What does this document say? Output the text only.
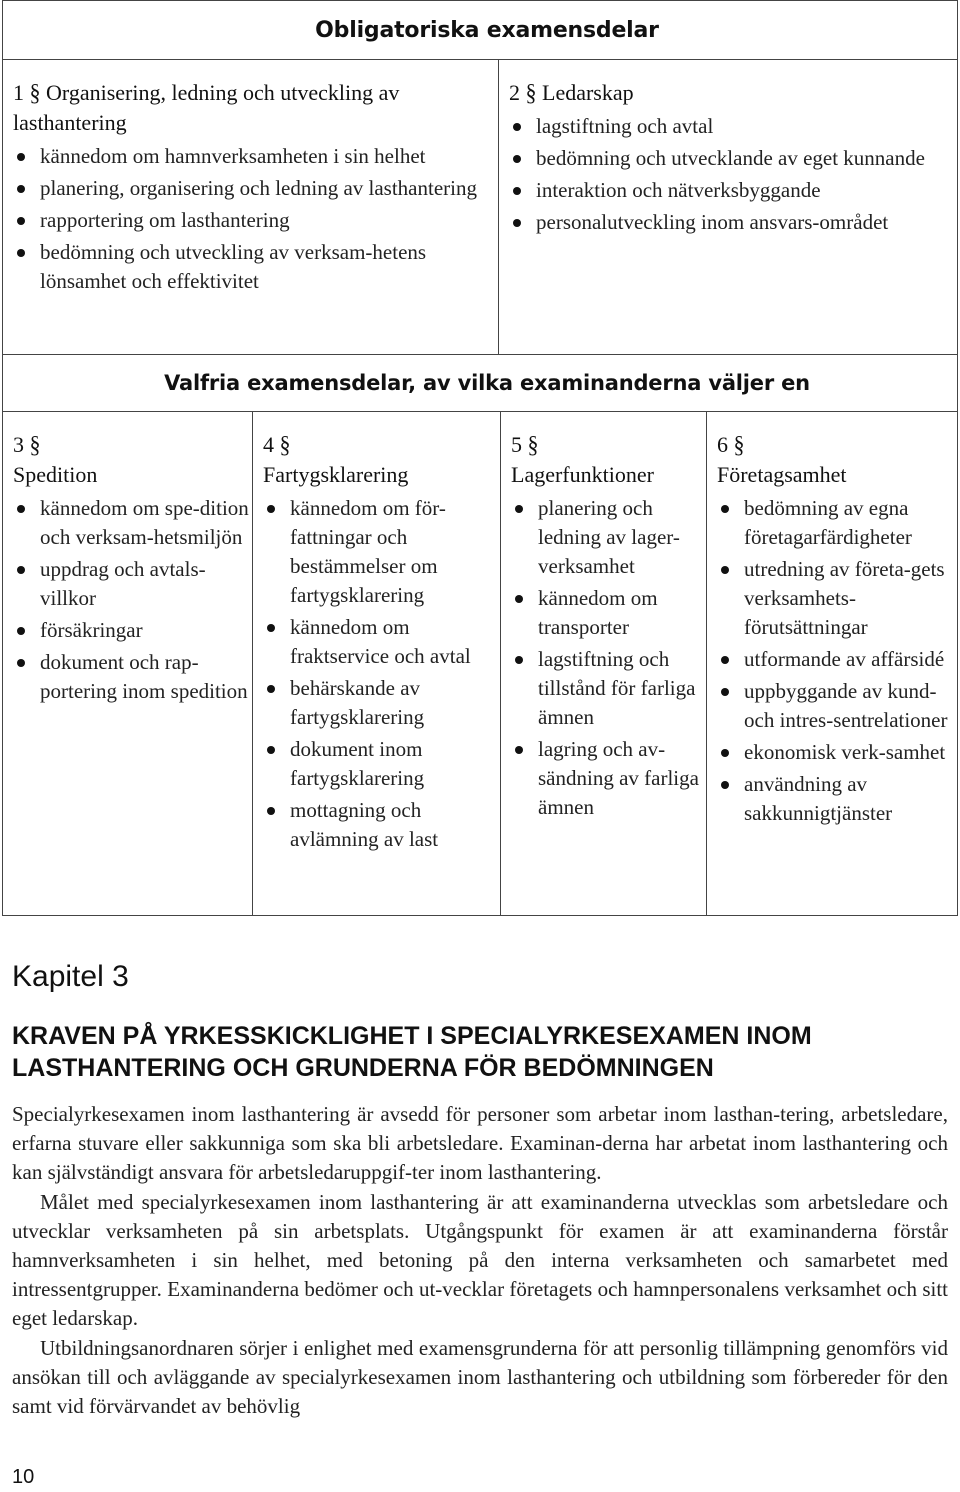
Obligatoriska examensdelar

1 § Organisering, ledning och utveckling av lasthantering

kännedom om hamnverksamheten i sin helhet
planering, organisering och ledning av lasthantering
rapportering om lasthantering
bedömning och utveckling av verksam-hetens lönsamhet och effektivitet

2 § Ledarskap

lagstiftning och avtal
bedömning och utvecklande av eget kunnande
interaktion och nätverksbyggande
personalutveckling inom ansvars-området
Valfria examensdelar, av vilka examinanderna väljer en

3 §
Spedition

kännedom om spe-dition och verksam-hetsmiljön
uppdrag och avtals-villkor
försäkringar
dokument och rap-portering inom spedition

4 §
Fartygsklarering

kännedom om för-fattningar och bestämmelser om fartygsklarering
kännedom om fraktservice och avtal
behärskande av fartygsklarering
dokument inom fartygsklarering
mottagning och avlämning av last

5 §
Lagerfunktioner

planering och ledning av lager-verksamhet
kännedom om transporter
lagstiftning och tillstånd för farliga ämnen
lagring och av-sändning av farliga ämnen

6 §
Företagsamhet

bedömning av egna företagarfärdigheter
utredning av företa-gets verksamhets-förutsättningar
utformande av affärsidé
uppbyggande av kund- och intres-sentrelationer
ekonomisk verk-samhet
användning av sakkunnigtjänster
Kapitel 3
KRAVEN PÅ YRKESSKICKLIGHET I SPECIALYRKESEXAMEN INOM LASTHANTERING OCH GRUNDERNA FÖR BEDÖMNINGEN

Specialyrkesexamen inom lasthantering är avsedd för personer som arbetar inom lasthan-tering, arbetsledare, erfarna stuvare eller sakkunniga som ska bli arbetsledare. Examinan-derna har arbetat inom lasthantering och kan självständigt ansvara för arbetsledaruppgif-ter inom lasthantering.

Målet med specialyrkesexamen inom lasthantering är att examinanderna utvecklas som arbetsledare och utvecklar verksamheten på sin arbetsplats. Utgångspunkt för examen är att examinanderna förstår hamnverksamheten i sin helhet, med betoning på den interna verksamheten och samarbetet med intressentgrupper. Examinanderna bedömer och ut-vecklar företagets och hamnpersonalens verksamhet och sitt eget ledarskap.

Utbildningsanordnaren sörjer i enlighet med examensgrunderna för att personlig tillämpning genomförs vid ansökan till och avläggande av specialyrkesexamen inom lasthantering och utbildning som förbereder för den samt vid förvärvandet av behövlig

10
